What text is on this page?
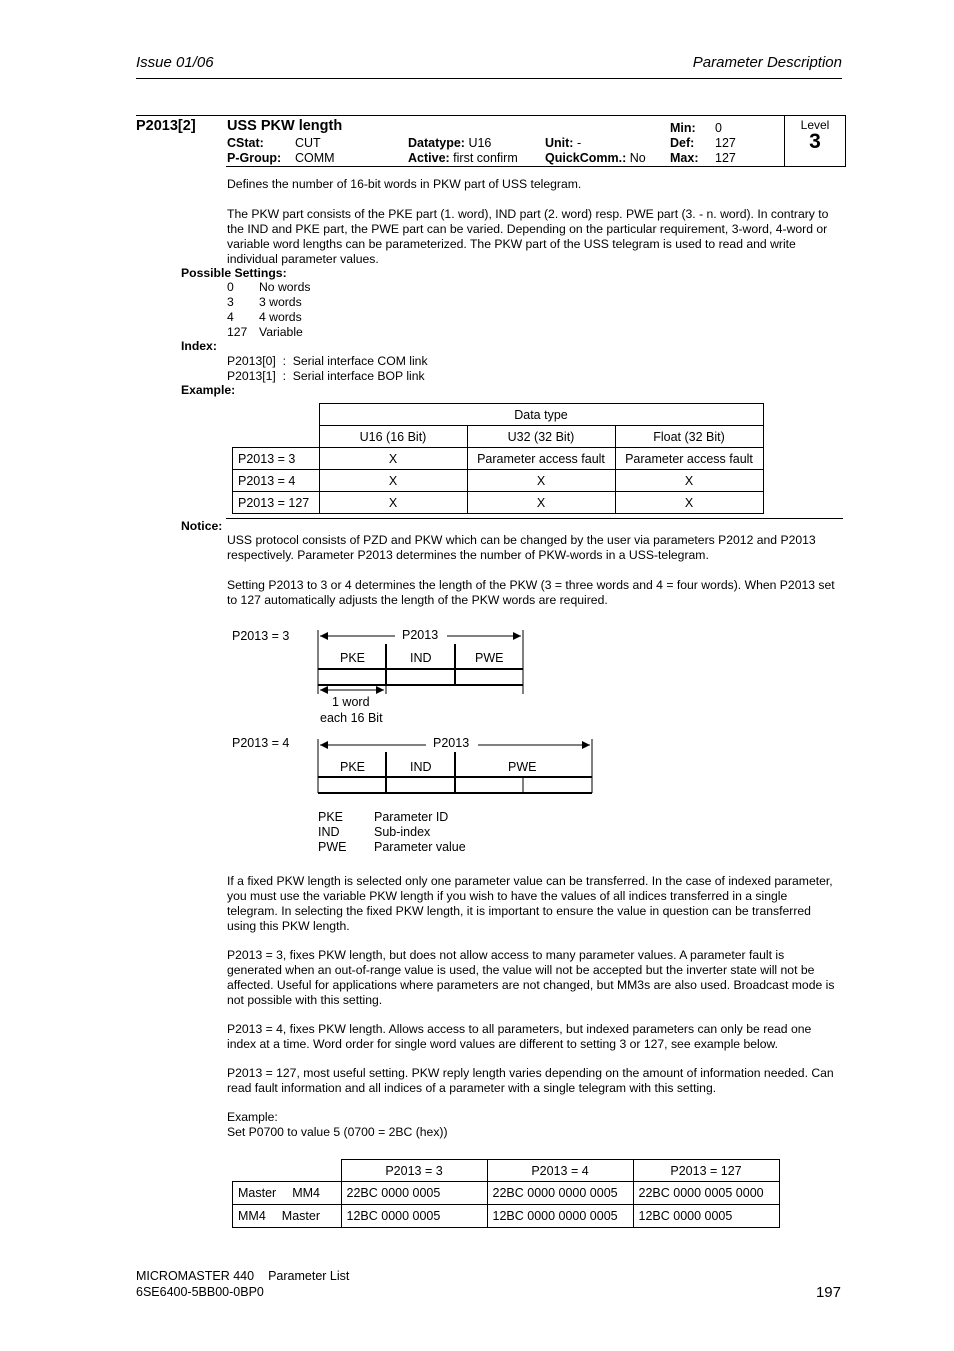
Issue 01/06	Parameter Description
P2013[2] USS PKW length
CStat: CUT
P-Group: COMM
Datatype: U16
Active: first confirm
Unit: -
QuickComm.: No
Min: 0
Def: 127
Max: 127
Level
3

Defines the number of 16-bit words in PKW part of USS telegram.

The PKW part consists of the PKE part (1. word), IND part (2. word) resp. PWE part (3. - n. word). In contrary to the IND and PKE part, the PWE part can be varied. Depending on the particular requirement, 3-word, 4-word or variable word lengths can be parameterized. The PKW part of the USS telegram is used to read and write individual parameter values.

Possible Settings:
0 No words
3 3 words
4 4 words
127 Variable
Index:
P2013[0] : Serial interface COM link
P2013[1] : Serial interface BOP link
Example:
	Data type		
	U16 (16 Bit)	U32 (32 Bit)	Float (32 Bit)
P2013 = 3	X	Parameter access fault	Parameter access fault
P2013 = 4	X	X	X
P2013 = 127	X	X	X
Notice:

USS protocol consists of PZD and PKW which can be changed by the user via parameters P2012 and P2013 respectively. Parameter P2013 determines the number of PKW-words in a USS-telegram.

Setting P2013 to 3 or 4 determines the length of the PKW (3 = three words and 4 = four words). When P2013 set to 127 automatically adjusts the length of the PKW words are required.

P2013 = 3	P2013
PKE	IND	PWE
1 word
each 16 Bit
P2013 = 4	P2013
PKE	IND	PWE
PKE Parameter ID
IND	Sub-index
PWE Parameter value

If a fixed PKW length is selected only one parameter value can be transferred. In the case of indexed parameter, you must use the variable PKW length if you wish to have the values of all indices transferred in a single telegram. In selecting the fixed PKW length, it is important to ensure the value in question can be transferred using this PKW length.

P2013 = 3, fixes PKW length, but does not allow access to many parameter values. A parameter fault is generated when an out-of-range value is used, the value will not be accepted but the inverter state will not be affected. Useful for applications where parameters are not changed, but MM3s are also used. Broadcast mode is not possible with this setting.

P2013 = 4, fixes PKW length. Allows access to all parameters, but indexed parameters can only be read one index at a time. Word order for single word values are different to setting 3 or 127, see example below.

P2013 = 127, most useful setting. PKW reply length varies depending on the amount of information needed. Can read fault information and all indices of a parameter with a single telegram with this setting.

Example:

Set P0700 to value 5 (0700 = 2BC (hex))

	P2013 = 3	P2013 = 4	P2013 = 127
Master MM4	22BC 0000 0005	22BC 0000 0000 0005	22BC 0000 0005 0000
MM4 Master	12BC 0000 0005	12BC 0000 0000 0005	12BC 0000 0005
MICROMASTER 440 Parameter List
6SE6400-5BB00-0BP0	197
